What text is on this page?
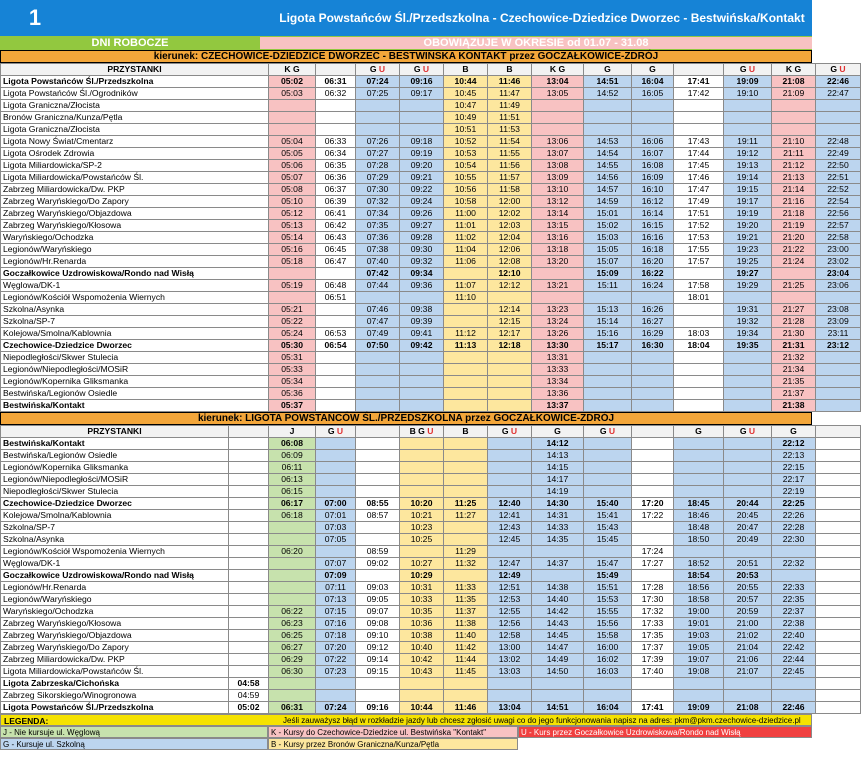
1	Ligota Powstańców Śl./Przedszkolna - Czechowice-Dziedzice Dworzec - Bestwińska/Kontakt
DNI ROBOCZE	OBOWIĄZUJE W OKRESIE od 01.07 - 31.08
kierunek: CZECHOWICE-DZIEDZICE DWORZEC - BESTWIŃSKA KONTAKT przez GOCZAŁKOWICE-ZDRÓJ
PRZYSTANKI	K G		G U	G U	B	B	K G	G	G		G U	K G	G U
Ligota Powstańców Śl./Przedszkolna	05:02	06:31	07:24	09:16	10:44	11:46	13:04	14:51	16:04	17:41	19:09	21:08	22:46
Ligota Powstańców Śl./Ogrodników	05:03	06:32	07:25	09:17	10:45	11:47	13:05	14:52	16:05	17:42	19:10	21:09	22:47
Ligota Graniczna/Złocista					10:47	11:49							
Bronów Graniczna/Kunza/Pętla					10:49	11:51							
Ligota Graniczna/Złocista					10:51	11:53							
Ligota Nowy Świat/Cmentarz	05:04	06:33	07:26	09:18	10:52	11:54	13:06	14:53	16:06	17:43	19:11	21:10	22:48
Ligota Ośrodek Zdrowia	05:05	06:34	07:27	09:19	10:53	11:55	13:07	14:54	16:07	17:44	19:12	21:11	22:49
Ligota Miliardowicka/SP-2	05:06	06:35	07:28	09:20	10:54	11:56	13:08	14:55	16:08	17:45	19:13	21:12	22:50
Ligota Miliardowicka/Powstańców Śl.	05:07	06:36	07:29	09:21	10:55	11:57	13:09	14:56	16:09	17:46	19:14	21:13	22:51
Zabrzeg Miliardowicka/Dw. PKP	05:08	06:37	07:30	09:22	10:56	11:58	13:10	14:57	16:10	17:47	19:15	21:14	22:52
Zabrzeg Waryńskiego/Do Zapory	05:10	06:39	07:32	09:24	10:58	12:00	13:12	14:59	16:12	17:49	19:17	21:16	22:54
Zabrzeg Waryńskiego/Objazdowa	05:12	06:41	07:34	09:26	11:00	12:02	13:14	15:01	16:14	17:51	19:19	21:18	22:56
Zabrzeg Waryńskiego/Kłosowa	05:13	06:42	07:35	09:27	11:01	12:03	13:15	15:02	16:15	17:52	19:20	21:19	22:57
Waryńskiego/Ochodzka	05:14	06:43	07:36	09:28	11:02	12:04	13:16	15:03	16:16	17:53	19:21	21:20	22:58
Legionów/Waryńskiego	05:16	06:45	07:38	09:30	11:04	12:06	13:18	15:05	16:18	17:55	19:23	21:22	23:00
Legionów/Hr.Renarda	05:18	06:47	07:40	09:32	11:06	12:08	13:20	15:07	16:20	17:57	19:25	21:24	23:02
Goczałkowice Uzdrowiskowa/Rondo nad Wisłą			07:42	09:34		12:10		15:09	16:22		19:27		23:04
Węglowa/DK-1	05:19	06:48	07:44	09:36	11:07	12:12	13:21	15:11	16:24	17:58	19:29	21:25	23:06
Legionów/Kościół Wspomożenia Wiernych		06:51			11:10					18:01			
Szkolna/Asynka	05:21		07:46	09:38		12:14	13:23	15:13	16:26		19:31	21:27	23:08
Szkolna/SP-7	05:22		07:47	09:39		12:15	13:24	15:14	16:27		19:32	21:28	23:09
Kolejowa/Smolna/Kablownia	05:24	06:53	07:49	09:41	11:12	12:17	13:26	15:16	16:29	18:03	19:34	21:30	23:11
Czechowice-Dziedzice Dworzec	05:30	06:54	07:50	09:42	11:13	12:18	13:30	15:17	16:30	18:04	19:35	21:31	23:12
Niepodległości/Skwer Stulecia	05:31						13:31					21:32	
Legionów/Niepodległości/MOSiR	05:33						13:33					21:34	
Legionów/Kopernika Gliksmanka	05:34						13:34					21:35	
Bestwińska/Legionów Osiedle	05:36						13:36					21:37	
Bestwińska/Kontakt	05:37						13:37					21:38	
kierunek: LIGOTA POWSTAŃCÓW ŚL./PRZEDSZKOLNA przez GOCZAŁKOWICE-ZDRÓJ
PRZYSTANKI		J	G U		B G U	B	G U	G	G U		G	G U	G	
Bestwińska/Kontakt		06:08						14:12					22:12	
Bestwińska/Legionów Osiedle		06:09						14:13					22:13	
Legionów/Kopernika Gliksmanka		06:11						14:15					22:15	
Legionów/Niepodległości/MOSiR		06:13						14:17					22:17	
Niepodległości/Skwer Stulecia		06:15						14:19					22:19	
Czechowice-Dziedzice Dworzec		06:17	07:00	08:55	10:20	11:25	12:40	14:30	15:40	17:20	18:45	20:44	22:25	
Kolejowa/Smolna/Kablownia		06:18	07:01	08:57	10:21	11:27	12:41	14:31	15:41	17:22	18:46	20:45	22:26	
Szkolna/SP-7			07:03		10:23		12:43	14:33	15:43		18:48	20:47	22:28	
Szkolna/Asynka			07:05		10:25		12:45	14:35	15:45		18:50	20:49	22:30	
Legionów/Kościół Wspomożenia Wiernych		06:20		08:59		11:29				17:24				
Węglowa/DK-1			07:07	09:02	10:27	11:32	12:47	14:37	15:47	17:27	18:52	20:51	22:32	
Goczałkowice Uzdrowiskowa/Rondo nad Wisłą			07:09		10:29		12:49		15:49		18:54	20:53		
Legionów/Hr.Renarda			07:11	09:03	10:31	11:33	12:51	14:38	15:51	17:28	18:56	20:55	22:33	
Legionów/Waryńskiego			07:13	09:05	10:33	11:35	12:53	14:40	15:53	17:30	18:58	20:57	22:35	
Waryńskiego/Ochodzka		06:22	07:15	09:07	10:35	11:37	12:55	14:42	15:55	17:32	19:00	20:59	22:37	
Zabrzeg Waryńskiego/Kłosowa		06:23	07:16	09:08	10:36	11:38	12:56	14:43	15:56	17:33	19:01	21:00	22:38	
Zabrzeg Waryńskiego/Objazdowa		06:25	07:18	09:10	10:38	11:40	12:58	14:45	15:58	17:35	19:03	21:02	22:40	
Zabrzeg Waryńskiego/Do Zapory		06:27	07:20	09:12	10:40	11:42	13:00	14:47	16:00	17:37	19:05	21:04	22:42	
Zabrzeg Miliardowicka/Dw. PKP		06:29	07:22	09:14	10:42	11:44	13:02	14:49	16:02	17:39	19:07	21:06	22:44	
Ligota Miliardowicka/Powstańców Śl.		06:30	07:23	09:15	10:43	11:45	13:03	14:50	16:03	17:40	19:08	21:07	22:45	
Ligota Zabrzeska/Cichońska	04:58													
Zabrzeg Sikorskiego/Winogronowa	04:59													
Ligota Powstańców Śl./Przedszkolna	05:02	06:31	07:24	09:16	10:44	11:46	13:04	14:51	16:04	17:41	19:09	21:08	22:46	
LEGENDA:	Jeśli zauważysz błąd w rozkładzie jazdy lub chcesz zgłosić uwagi co do jego funkcjonowania napisz na adres: pkm@pkm.czechowice-dziedzice.pl
J - Nie kursuje ul. Węglową	K - Kursy do Czechowice-Dziedzice ul. Bestwińska "Kontakt"	U - Kurs przez Goczałkowice Uzdrowiskowa/Rondo nad Wisłą
G - Kursuje ul. Szkolną	B - Kursy przez Bronów Graniczna/Kunza/Pętla
